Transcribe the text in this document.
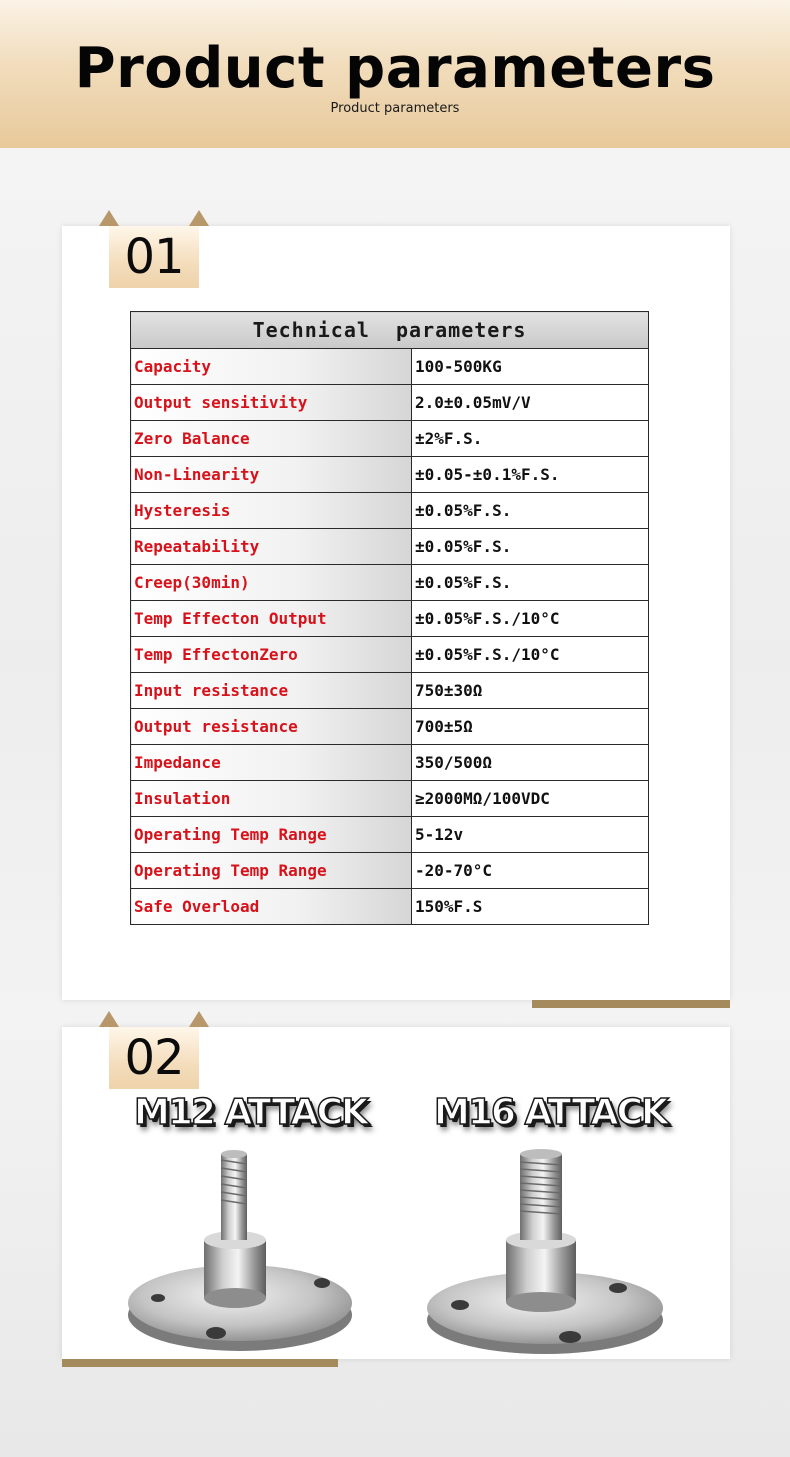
Product parameters
Product parameters
01
Technical  parameters	
Capacity	100-500KG
Output sensitivity	2.0±0.05mV/V
Zero Balance	±2%F.S.
Non-Linearity	±0.05-±0.1%F.S.
Hysteresis	±0.05%F.S.
Repeatability	±0.05%F.S.
Creep(30min)	±0.05%F.S.
Temp Effecton Output	±0.05%F.S./10°C
Temp EffectonZero	±0.05%F.S./10°C
Input resistance	750±30Ω
Output resistance	700±5Ω
Impedance	350/500Ω
Insulation	≥2000MΩ/100VDC
Operating Temp Range	5-12v
Operating Temp Range	-20-70°C
Safe Overload	150%F.S
02
M12 ATTACK M16 ATTACK
